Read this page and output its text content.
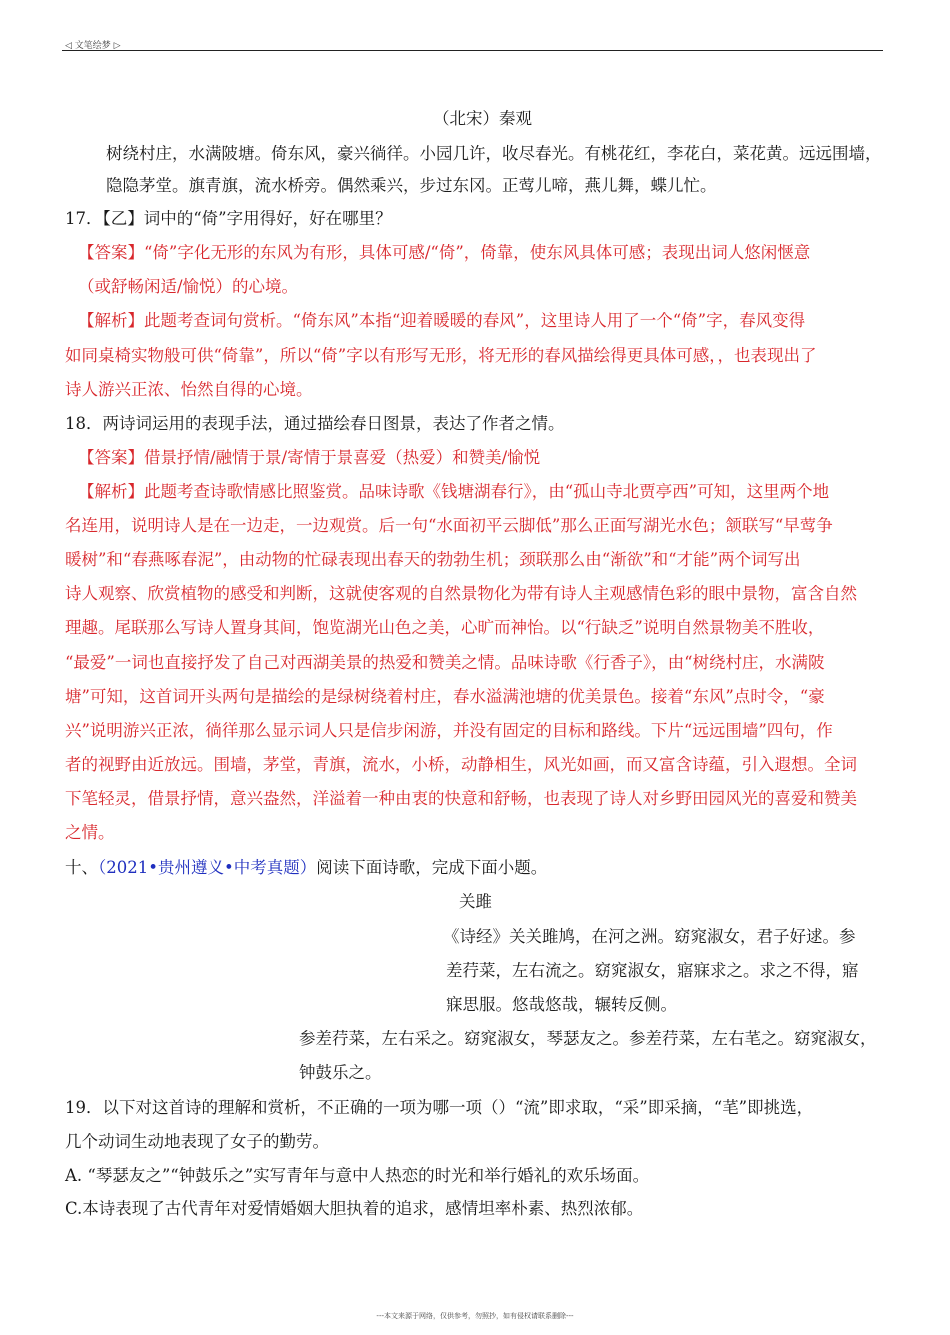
◁ 文笔绘梦 ▷
（北宋）秦观
树绕村庄，水满陂塘。倚东风，豪兴徜徉。小园几许，收尽春光。有桃花红，李花白，菜花黄。远远围墙，
隐隐茅堂。旗青旗，流水桥旁。偶然乘兴，步过东冈。正莺儿啼，燕儿舞，蝶儿忙。
17．【乙】词中的“倚”字用得好，好在哪里？
【答案】“倚”字化无形的东风为有形，具体可感/“倚”，倚靠，使东风具体可感；表现出词人悠闲惬意
（或舒畅闲适/愉悦）的心境。
【解析】此题考查词句赏析。“倚东风”本指“迎着暖暖的春风”，这里诗人用了一个“倚”字，春风变得
如同桌椅实物般可供“倚靠”，所以“倚”字以有形写无形，将无形的春风描绘得更具体可感，，也表现出了
诗人游兴正浓、怡然自得的心境。
18．两诗词运用的表现手法，通过描绘春日图景，表达了作者之情。
【答案】借景抒情/融情于景/寄情于景喜爱（热爱）和赞美/愉悦
【解析】此题考查诗歌情感比照鉴赏。品味诗歌《钱塘湖春行》，由“孤山寺北贾亭西”可知，这里两个地
名连用，说明诗人是在一边走，一边观赏。后一句“水面初平云脚低”那么正面写湖光水色；颔联写“早莺争
暖树”和“春燕啄春泥”，由动物的忙碌表现出春天的勃勃生机；颈联那么由“渐欲”和“才能”两个词写出
诗人观察、欣赏植物的感受和判断，这就使客观的自然景物化为带有诗人主观感情色彩的眼中景物，富含自然
理趣。尾联那么写诗人置身其间，饱览湖光山色之美，心旷而神怡。以“行缺乏”说明自然景物美不胜收，
“最爱”一词也直接抒发了自己对西湖美景的热爱和赞美之情。品味诗歌《行香子》，由“树绕村庄，水满陂
塘”可知，这首词开头两句是描绘的是绿树绕着村庄，春水溢满池塘的优美景色。接着“东风”点时令，“豪
兴”说明游兴正浓，徜徉那么显示词人只是信步闲游，并没有固定的目标和路线。下片“远远围墙”四句，作
者的视野由近放远。围墙，茅堂，青旗，流水，小桥，动静相生，风光如画，而又富含诗蕴，引入遐想。全词
下笔轻灵，借景抒情，意兴盎然，洋溢着一种由衷的快意和舒畅，也表现了诗人对乡野田园风光的喜爱和赞美
之情。
十、（2021•贵州遵义•中考真题）阅读下面诗歌，完成下面小题。
关雎
《诗经》关关雎鸠，在河之洲。窈窕淑女，君子好逑。参
差荇菜，左右流之。窈窕淑女，寤寐求之。求之不得，寤
寐思服。悠哉悠哉，辗转反侧。
参差荇菜，左右采之。窈窕淑女，琴瑟友之。参差荇菜，左右芼之。窈窕淑女，
钟鼓乐之。
19．以下对这首诗的理解和赏析，不正确的一项为哪一项（）“流”即求取，“采”即采摘，“芼”即挑选，
几个动词生动地表现了女子的勤劳。
A. “琴瑟友之”“钟鼓乐之”实写青年与意中人热恋的时光和举行婚礼的欢乐场面。
C.本诗表现了古代青年对爱情婚姻大胆执着的追求，感情坦率朴素、热烈浓郁。
---本文来源于网络，仅供参考，勿照抄，如有侵权请联系删除---
